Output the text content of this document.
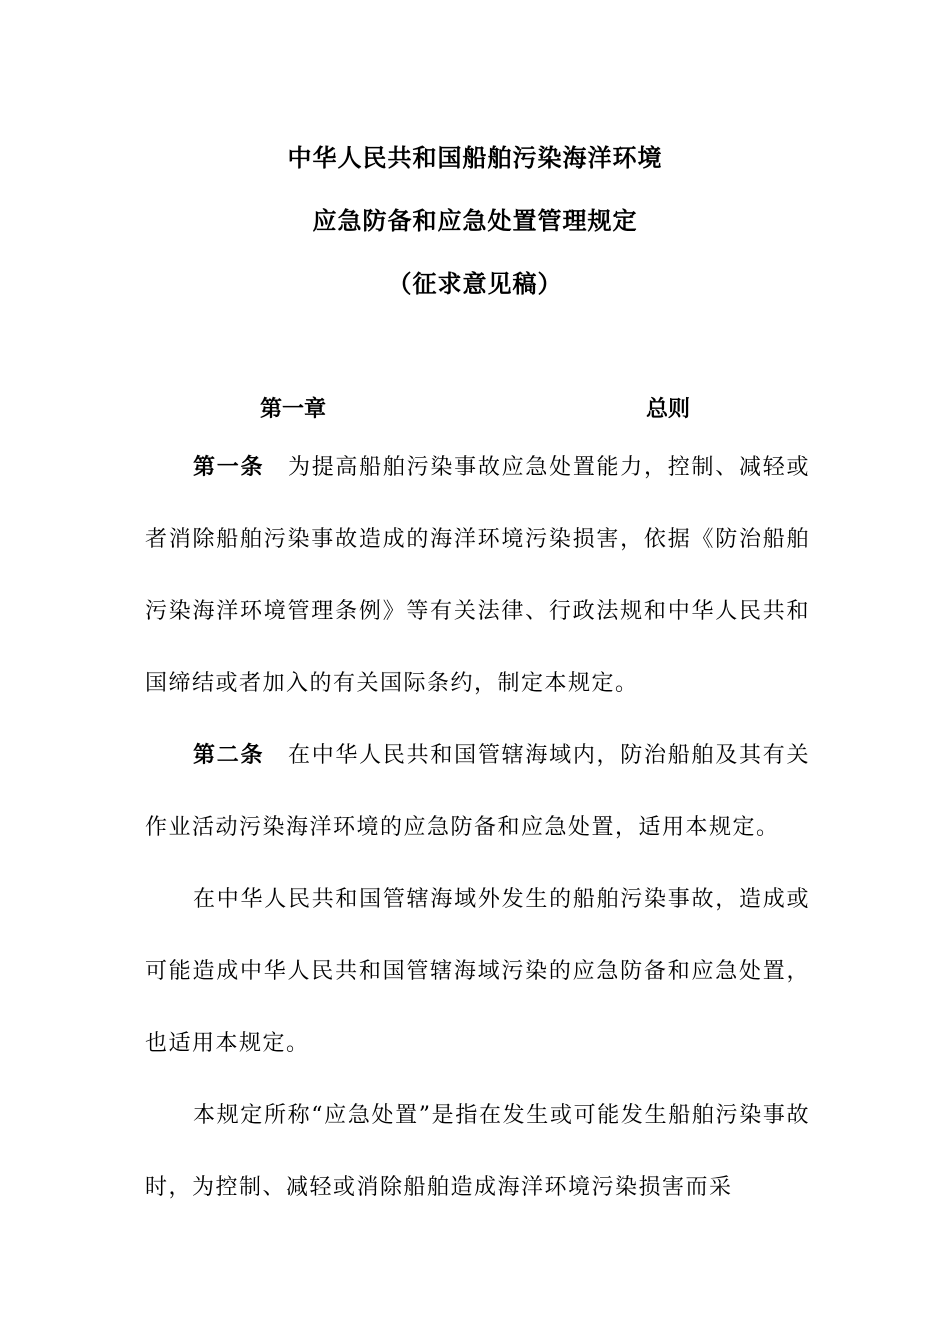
中华人民共和国船舶污染海洋环境
应急防备和应急处置管理规定
（征求意见稿）
第一章	总则

第一条　为提高船舶污染事故应急处置能力，控制、减轻或者消除船舶污染事故造成的海洋环境污染损害，依据《防治船舶污染海洋环境管理条例》等有关法律、行政法规和中华人民共和国缔结或者加入的有关国际条约，制定本规定。

第二条　在中华人民共和国管辖海域内，防治船舶及其有关作业活动污染海洋环境的应急防备和应急处置，适用本规定。

在中华人民共和国管辖海域外发生的船舶污染事故，造成或可能造成中华人民共和国管辖海域污染的应急防备和应急处置，也适用本规定。

本规定所称“应急处置”是指在发生或可能发生船舶污染事故时，为控制、减轻或消除船舶造成海洋环境污染损害而采
